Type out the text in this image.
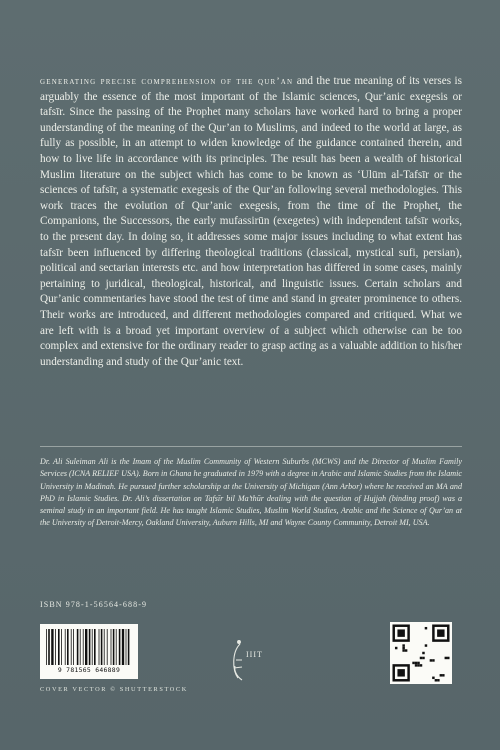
generating precise comprehension of the qur’an and the true meaning of its verses is arguably the essence of the most important of the Islamic sciences, Qur’anic exegesis or tafsīr. Since the passing of the Prophet many scholars have worked hard to bring a proper understanding of the meaning of the Qur’an to Muslims, and indeed to the world at large, as fully as possible, in an attempt to widen knowledge of the guidance contained therein, and how to live life in accordance with its principles. The result has been a wealth of historical Muslim literature on the subject which has come to be known as ‘Ulūm al-Tafsīr or the sciences of tafsīr, a systematic exegesis of the Qur’an following several methodologies. This work traces the evolution of Qur’anic exegesis, from the time of the Prophet, the Companions, the Successors, the early mufassirūn (exegetes) with independent tafsīr works, to the present day. In doing so, it addresses some major issues including to what extent has tafsīr been influenced by differing theological traditions (classical, mystical sufi, persian), political and sectarian interests etc. and how interpretation has differed in some cases, mainly pertaining to juridical, theological, historical, and linguistic issues. Certain scholars and Qur’anic commentaries have stood the test of time and stand in greater prominence to others. Their works are introduced, and different methodologies compared and critiqued. What we are left with is a broad yet important overview of a subject which otherwise can be too complex and extensive for the ordinary reader to grasp acting as a valuable addition to his/her understanding and study of the Qur’anic text.

Dr. Ali Suleiman Ali is the Imam of the Muslim Community of Western Suburbs (MCWS) and the Director of Muslim Family Services (ICNA RELIEF USA). Born in Ghana he graduated in 1979 with a degree in Arabic and Islamic Studies from the Islamic University in Madinah. He pursued further scholarship at the University of Michigan (Ann Arbor) where he received an MA and PhD in Islamic Studies. Dr. Ali’s dissertation on Tafsīr bil Ma’thūr dealing with the question of Hujjah (binding proof) was a seminal study in an important field. He has taught Islamic Studies, Muslim World Studies, Arabic and the Science of Qur’an at the University of Detroit-Mercy, Oakland University, Auburn Hills, MI and Wayne County Community, Detroit MI, USA.

ISBN 978-1-56564-688-9
9 781565 646889
IIIT
COVER VECTOR © SHUTTERSTOCK
